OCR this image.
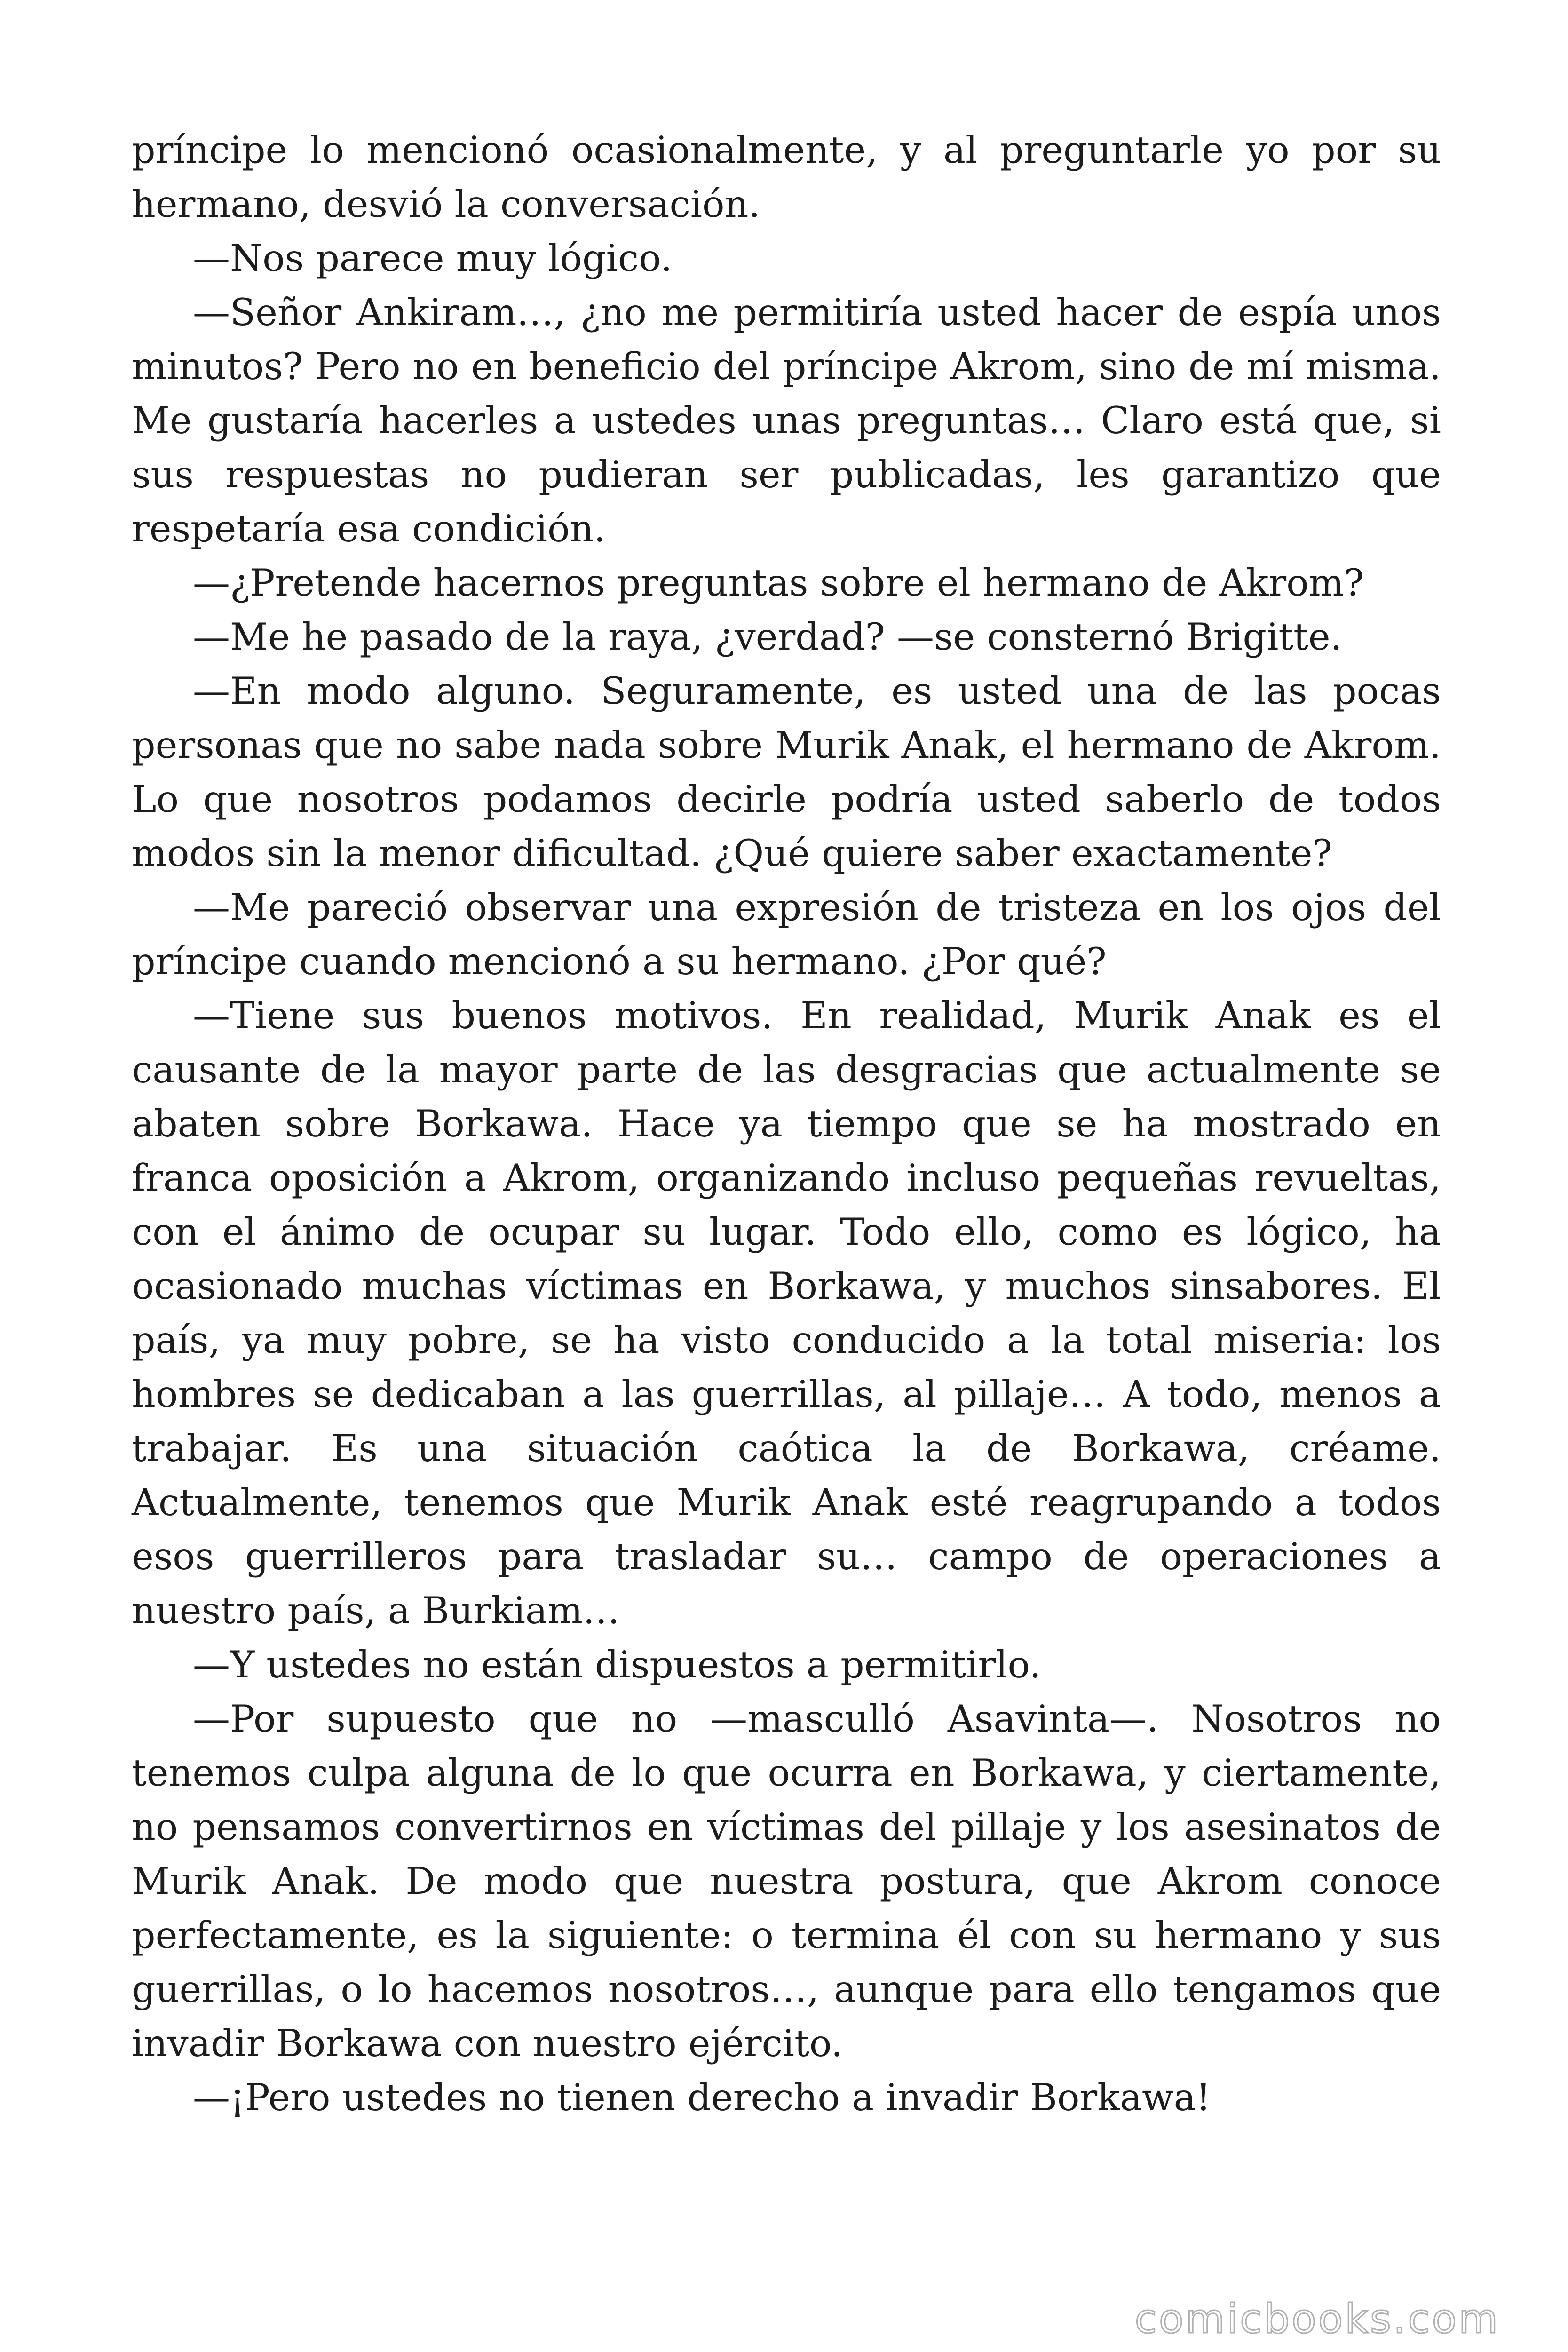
príncipe lo mencionó ocasionalmente, y al preguntarle yo por su hermano, desvió la conversación.

—Nos parece muy lógico.

—Señor Ankiram…, ¿no me permitiría usted hacer de espía unos minutos? Pero no en beneficio del príncipe Akrom, sino de mí misma. Me gustaría hacerles a ustedes unas preguntas… Claro está que, si sus respuestas no pudieran ser publicadas, les garantizo que respetaría esa condición.

—¿Pretende hacernos preguntas sobre el hermano de Akrom?

—Me he pasado de la raya, ¿verdad? —se consternó Brigitte.

—En modo alguno. Seguramente, es usted una de las pocas personas que no sabe nada sobre Murik Anak, el hermano de Akrom. Lo que nosotros podamos decirle podría usted saberlo de todos modos sin la menor dificultad. ¿Qué quiere saber exactamente?

—Me pareció observar una expresión de tristeza en los ojos del príncipe cuando mencionó a su hermano. ¿Por qué?

—Tiene sus buenos motivos. En realidad, Murik Anak es el causante de la mayor parte de las desgracias que actualmente se abaten sobre Borkawa. Hace ya tiempo que se ha mostrado en franca oposición a Akrom, organizando incluso pequeñas revueltas, con el ánimo de ocupar su lugar. Todo ello, como es lógico, ha ocasionado muchas víctimas en Borkawa, y muchos sinsabores. El país, ya muy pobre, se ha visto conducido a la total miseria: los hombres se dedicaban a las guerrillas, al pillaje… A todo, menos a trabajar. Es una situación caótica la de Borkawa, créame. Actualmente, tenemos que Murik Anak esté reagrupando a todos esos guerrilleros para trasladar su… campo de operaciones a nuestro país, a Burkiam…

—Y ustedes no están dispuestos a permitirlo.

—Por supuesto que no —masculló Asavinta—. Nosotros no tenemos culpa alguna de lo que ocurra en Borkawa, y ciertamente, no pensamos convertirnos en víctimas del pillaje y los asesinatos de Murik Anak. De modo que nuestra postura, que Akrom conoce perfectamente, es la siguiente: o termina él con su hermano y sus guerrillas, o lo hacemos nosotros…, aunque para ello tengamos que invadir Borkawa con nuestro ejército.

—¡Pero ustedes no tienen derecho a invadir Borkawa!

comicbooks.com
